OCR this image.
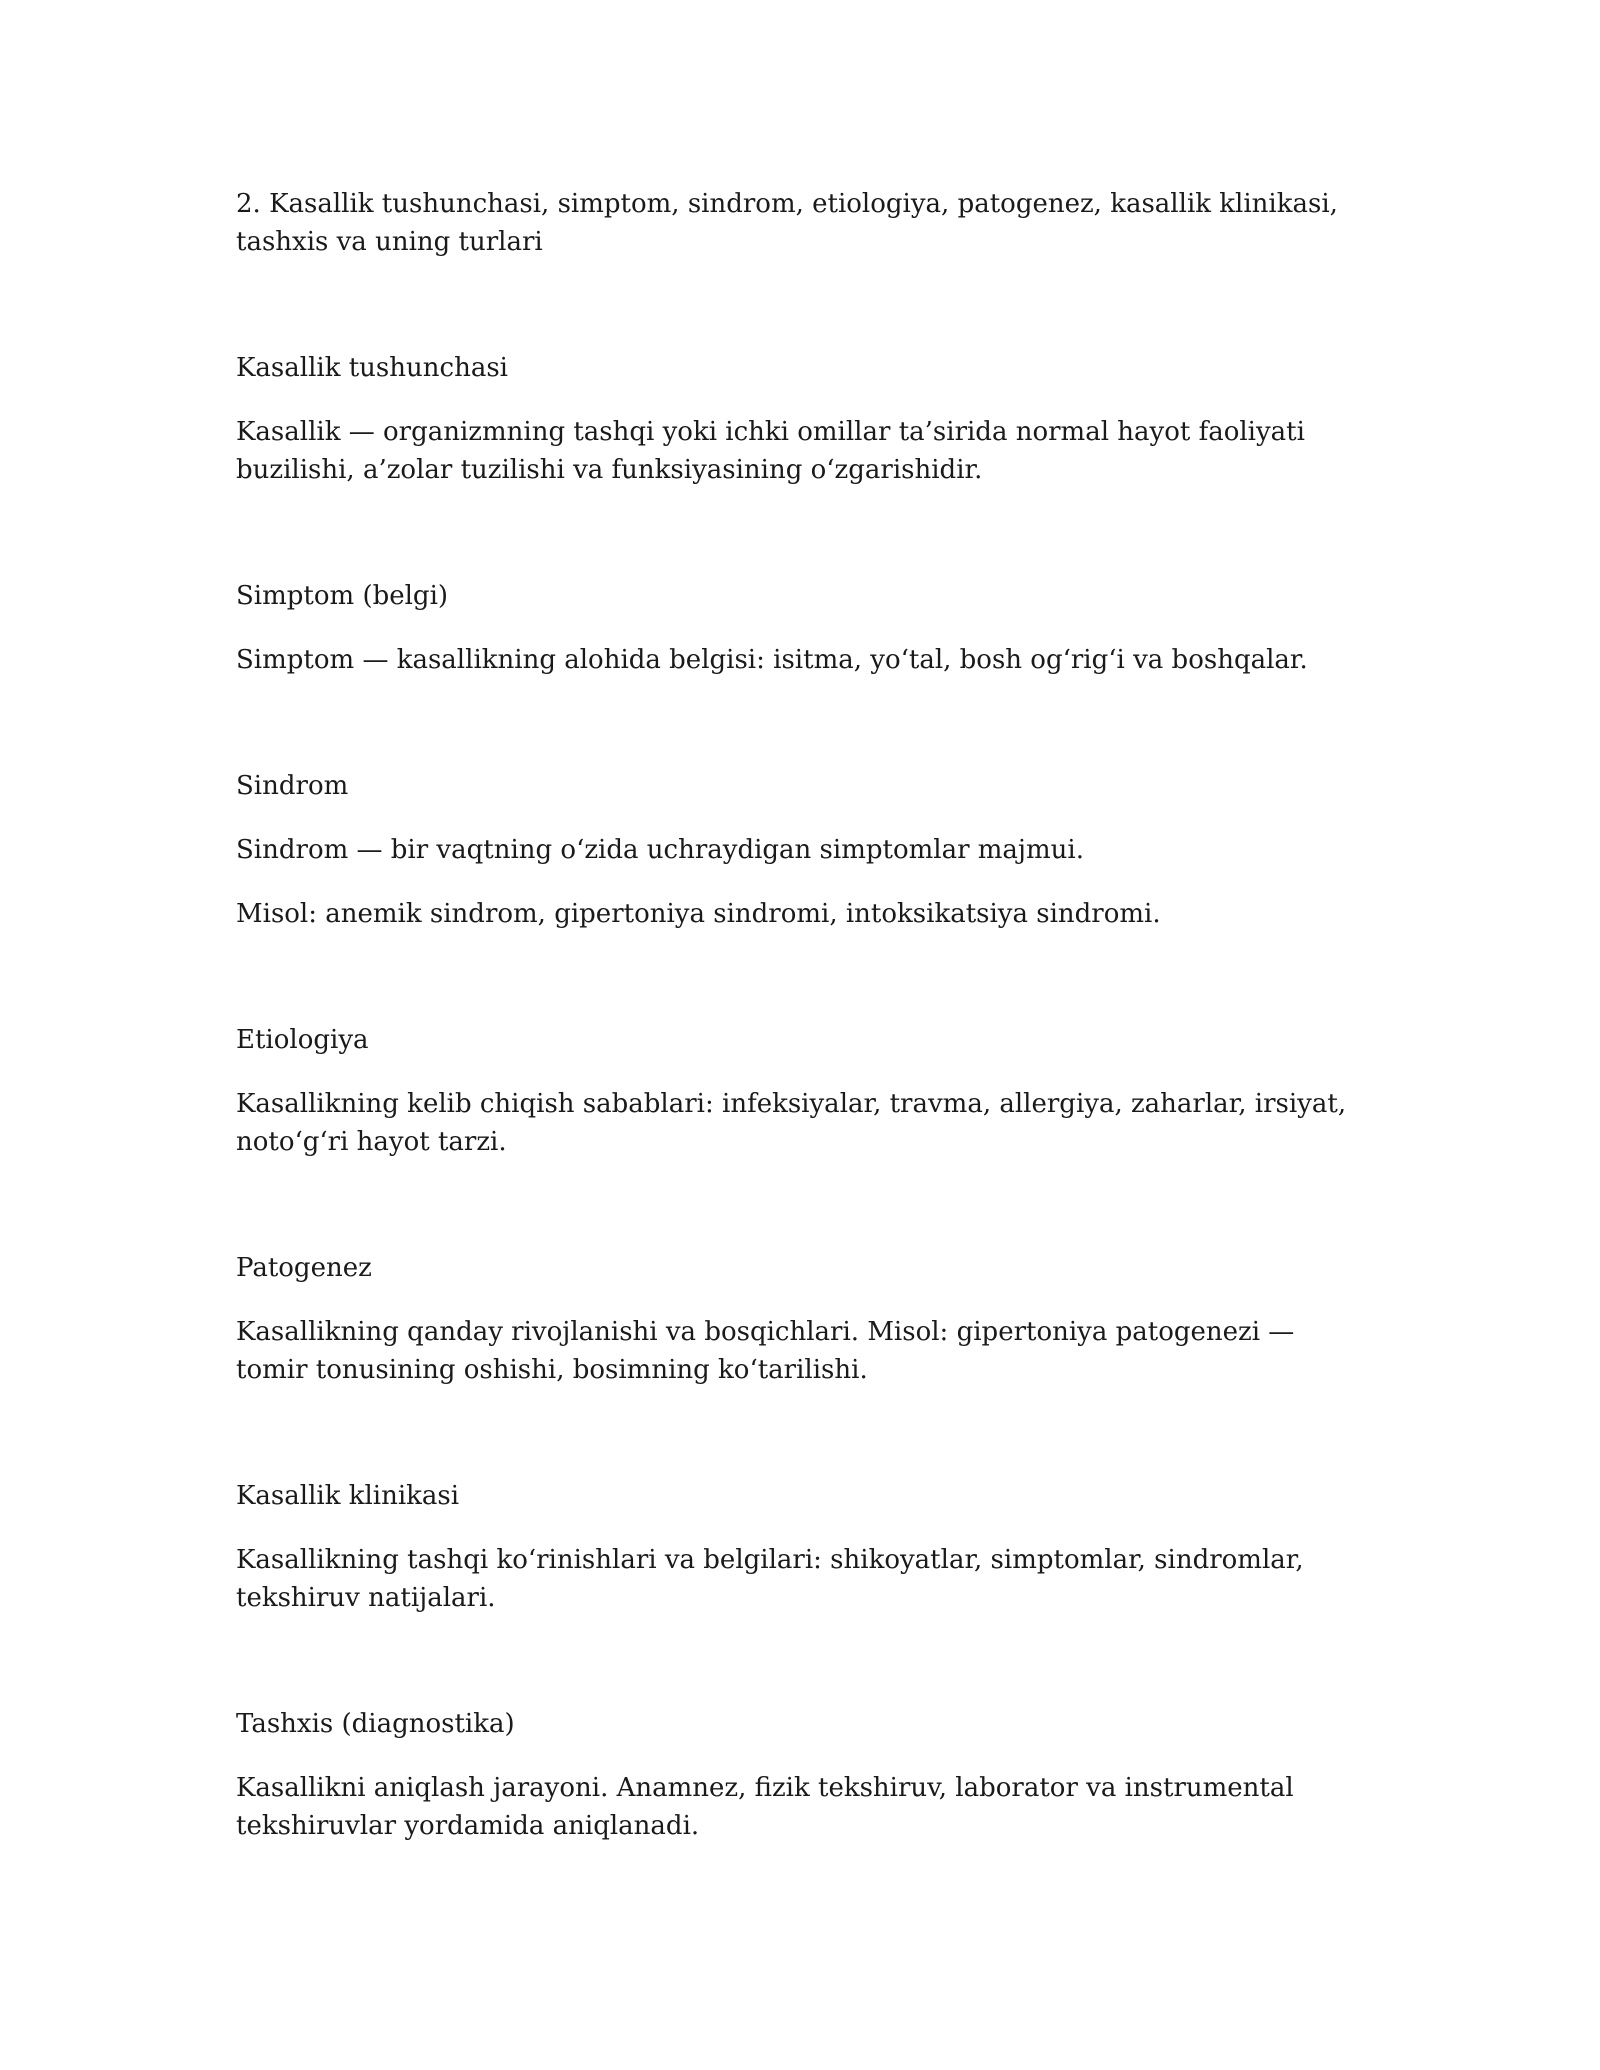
2. Kasallik tushunchasi, simptom, sindrom, etiologiya, patogenez, kasallik klinikasi, tashxis va uning turlari

Kasallik tushunchasi

Kasallik — organizmning tashqi yoki ichki omillar ta’sirida normal hayot faoliyati buzilishi, a’zolar tuzilishi va funksiyasining o‘zgarishidir.

Simptom (belgi)

Simptom — kasallikning alohida belgisi: isitma, yo‘tal, bosh og‘rig‘i va boshqalar.

Sindrom

Sindrom — bir vaqtning o‘zida uchraydigan simptomlar majmui.

Misol: anemik sindrom, gipertoniya sindromi, intoksikatsiya sindromi.

Etiologiya

Kasallikning kelib chiqish sabablari: infeksiyalar, travma, allergiya, zaharlar, irsiyat, noto‘g‘ri hayot tarzi.

Patogenez

Kasallikning qanday rivojlanishi va bosqichlari. Misol: gipertoniya patogenezi — tomir tonusining oshishi, bosimning ko‘tarilishi.

Kasallik klinikasi

Kasallikning tashqi ko‘rinishlari va belgilari: shikoyatlar, simptomlar, sindromlar, tekshiruv natijalari.

Tashxis (diagnostika)

Kasallikni aniqlash jarayoni. Anamnez, fizik tekshiruv, laborator va instrumental tekshiruvlar yordamida aniqlanadi.
